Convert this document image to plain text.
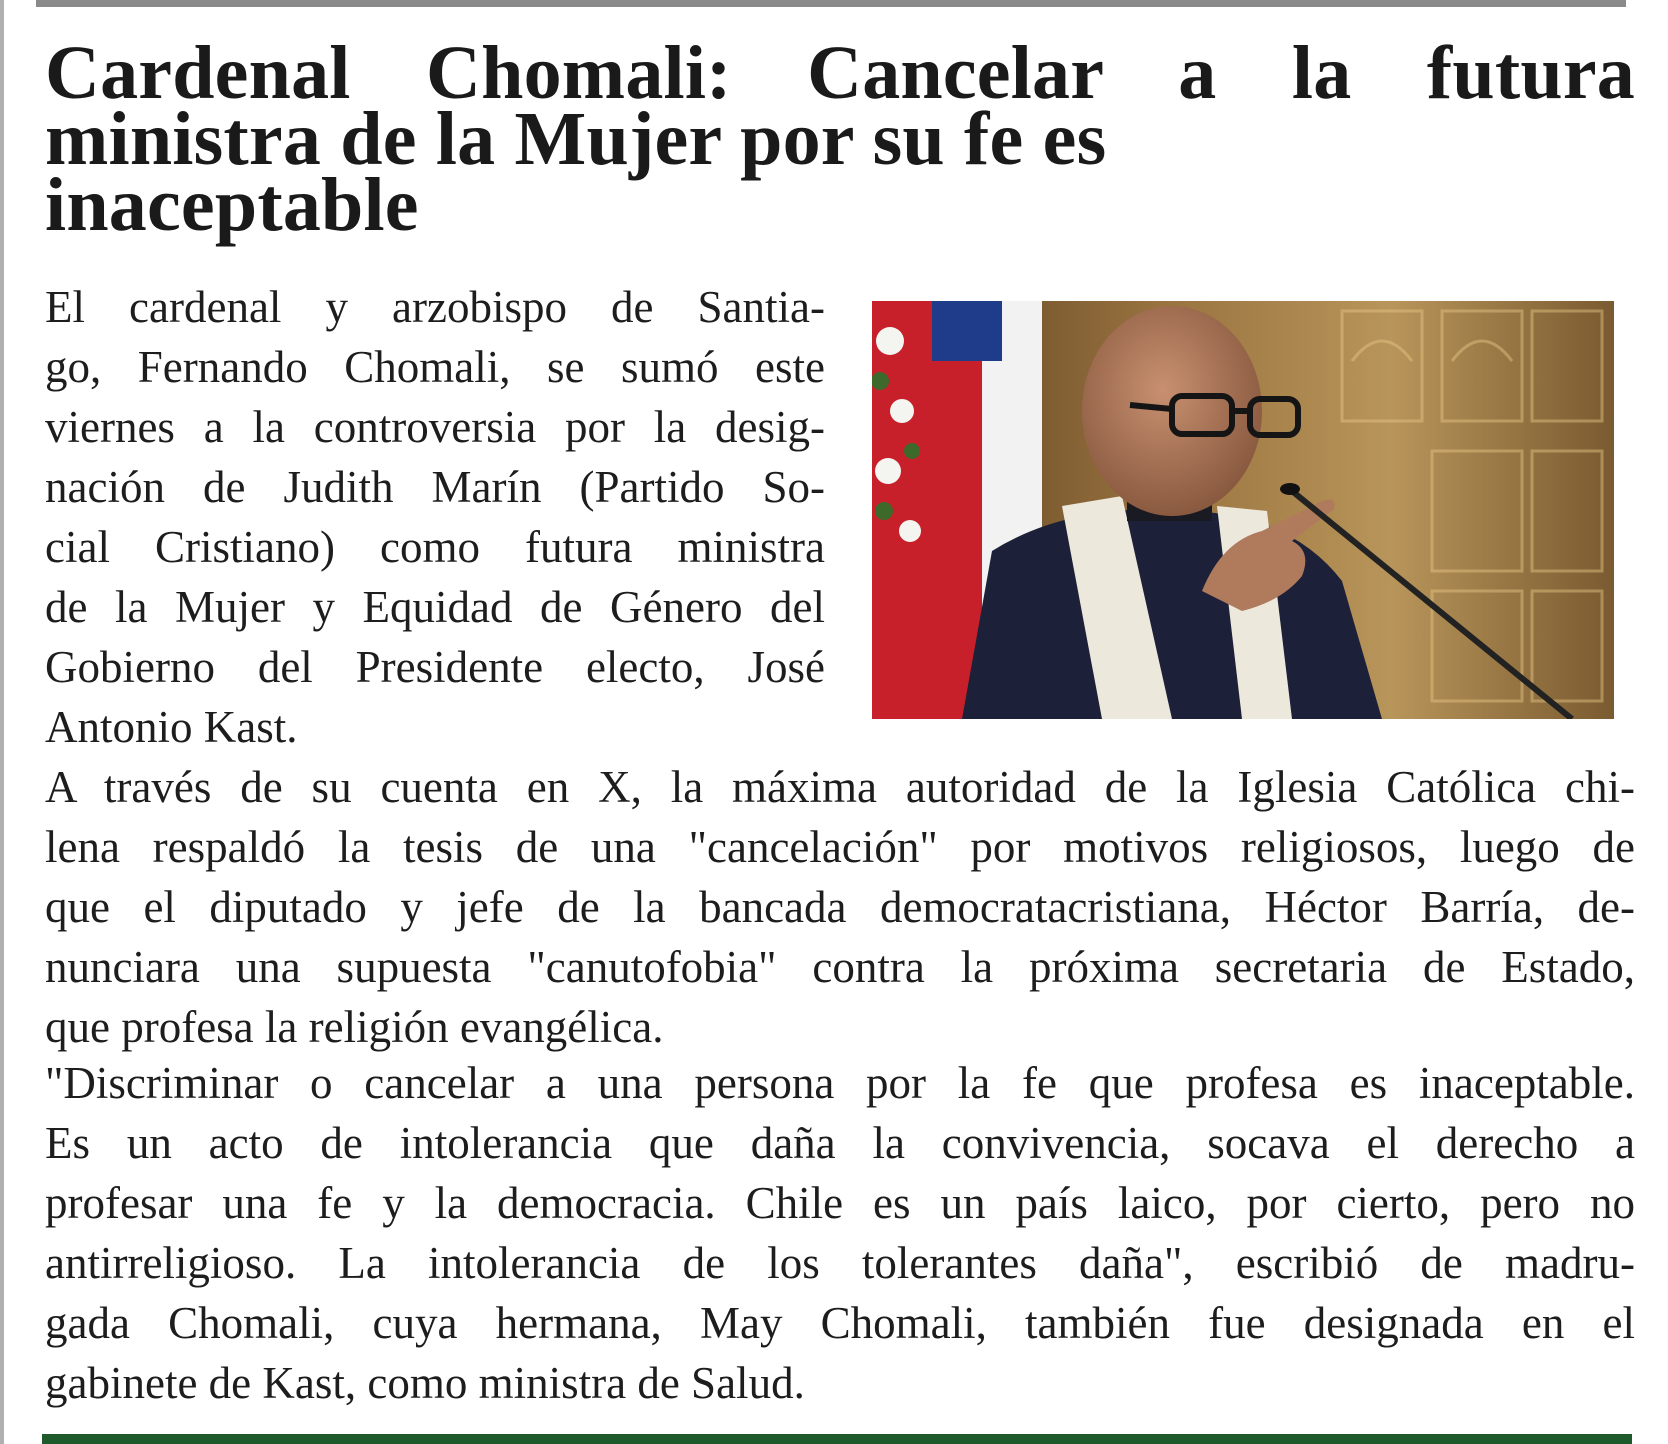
Cardenal Chomali: Cancelar a la futura
ministra de la Mujer por su fe es
inaceptable
El cardenal y arzobispo de Santia-
go, Fernando Chomali, se sumó este
viernes a la controversia por la desig-
nación de Judith Marín (Partido So-
cial Cristiano) como futura ministra
de la Mujer y Equidad de Género del
Gobierno del Presidente electo, José
Antonio Kast.
A través de su cuenta en X, la máxima autoridad de la Iglesia Católica chi-
lena respaldó la tesis de una "cancelación" por motivos religiosos, luego de
que el diputado y jefe de la bancada democratacristiana, Héctor Barría, de-
nunciara una supuesta "canutofobia" contra la próxima secretaria de Estado,
que profesa la religión evangélica.
"Discriminar o cancelar a una persona por la fe que profesa es inaceptable.
Es un acto de intolerancia que daña la convivencia, socava el derecho a
profesar una fe y la democracia. Chile es un país laico, por cierto, pero no
antirreligioso. La intolerancia de los tolerantes daña", escribió de madru-
gada Chomali, cuya hermana, May Chomali, también fue designada en el
gabinete de Kast, como ministra de Salud.
